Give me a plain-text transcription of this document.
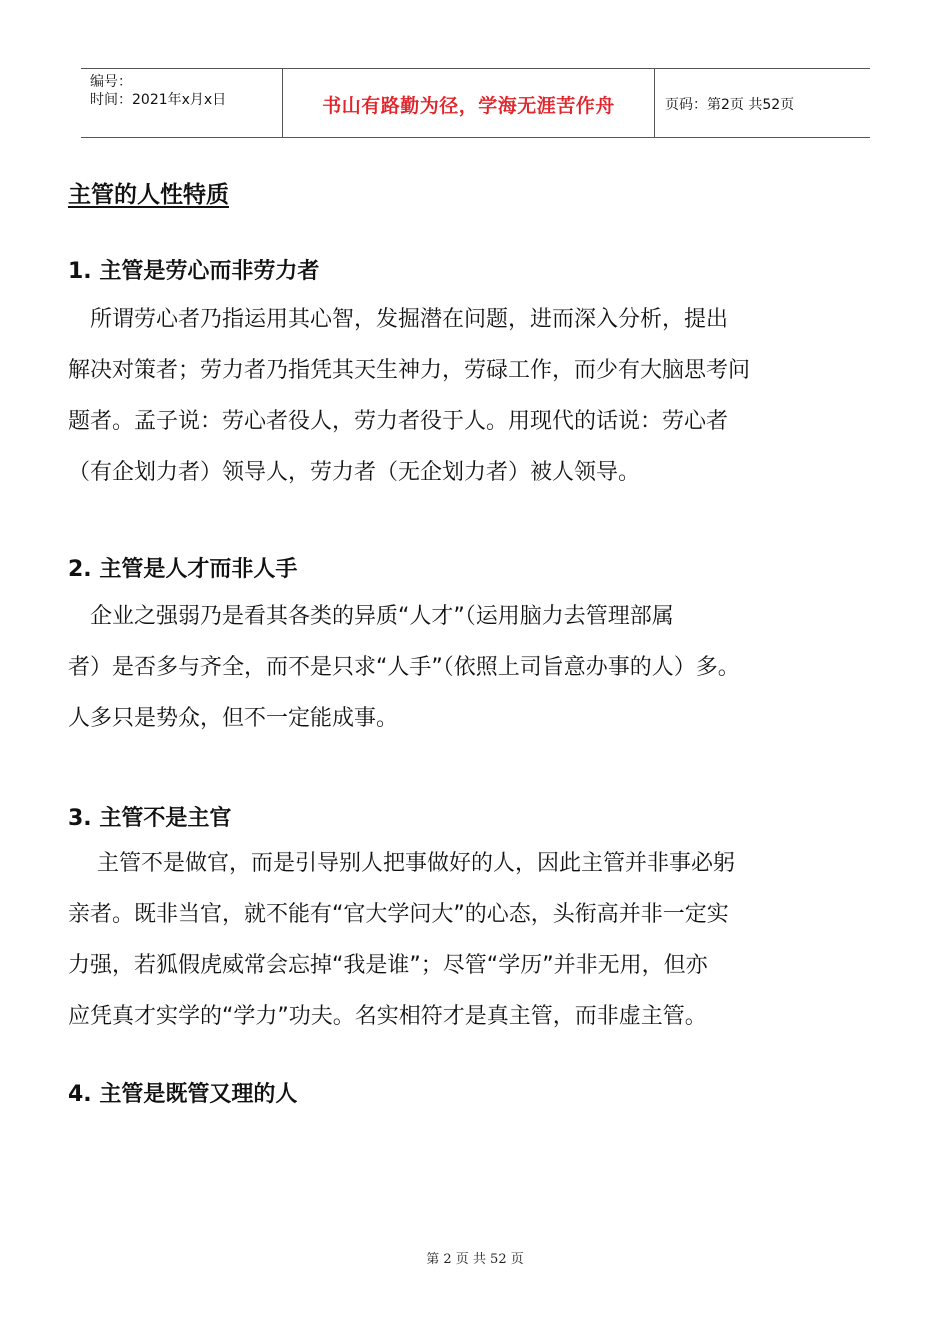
编号：
时间：2021年x月x日	书山有路勤为径，学海无涯苦作舟	页码：第2页 共52页
主管的人性特质
1. 主管是劳心而非劳力者

　所谓劳心者乃指运用其心智，发掘潜在问题，进而深入分析，提出

解决对策者；劳力者乃指凭其天生神力，劳碌工作，而少有大脑思考问

题者。孟子说：劳心者役人，劳力者役于人。用现代的话说：劳心者

（有企划力者）领导人，劳力者（无企划力者）被人领导。

2. 主管是人才而非人手

　企业之强弱乃是看其各类的异质“人才”（运用脑力去管理部属

者）是否多与齐全，而不是只求“人手”（依照上司旨意办事的人）多。

人多只是势众，但不一定能成事。

3. 主管不是主官

　 主管不是做官，而是引导别人把事做好的人，因此主管并非事必躬

亲者。既非当官，就不能有“官大学问大”的心态，头衔高并非一定实

力强，若狐假虎威常会忘掉“我是谁”；尽管“学历”并非无用，但亦

应凭真才实学的“学力”功夫。名实相符才是真主管，而非虚主管。

4. 主管是既管又理的人
第 2 页 共 52 页
